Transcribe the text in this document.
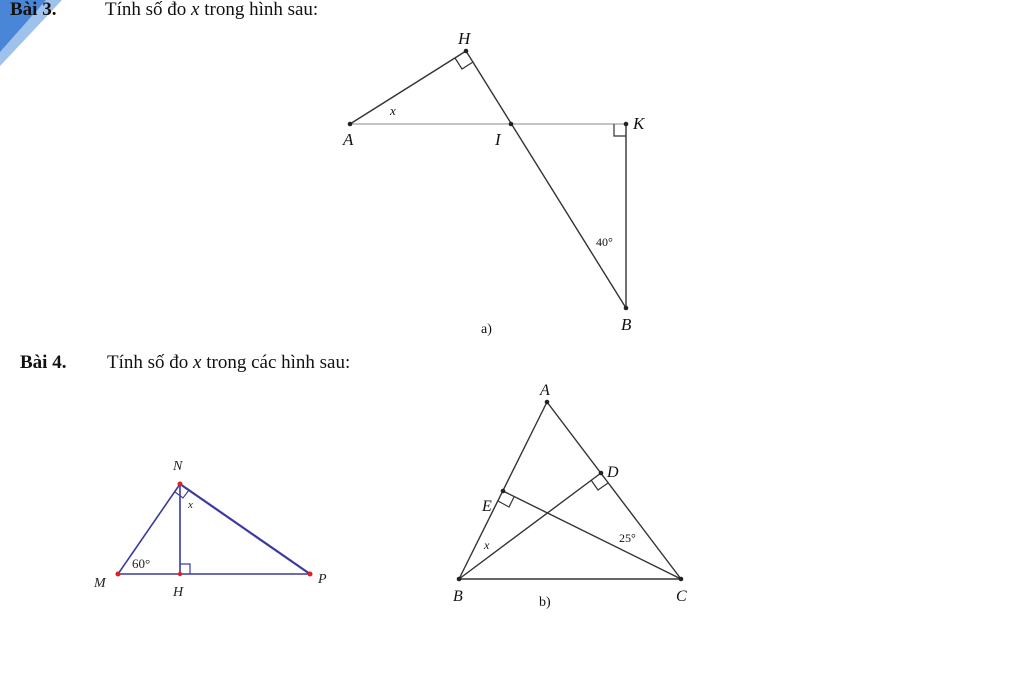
Bài 3.	Tính số đo x trong hình sau:
Bài 4. Tính số đo x trong các hình sau:
H
A	I
K
B
x
40°
a)
N
M
H
P
x
60°
A
D
E
B	C
x	25°
b)
